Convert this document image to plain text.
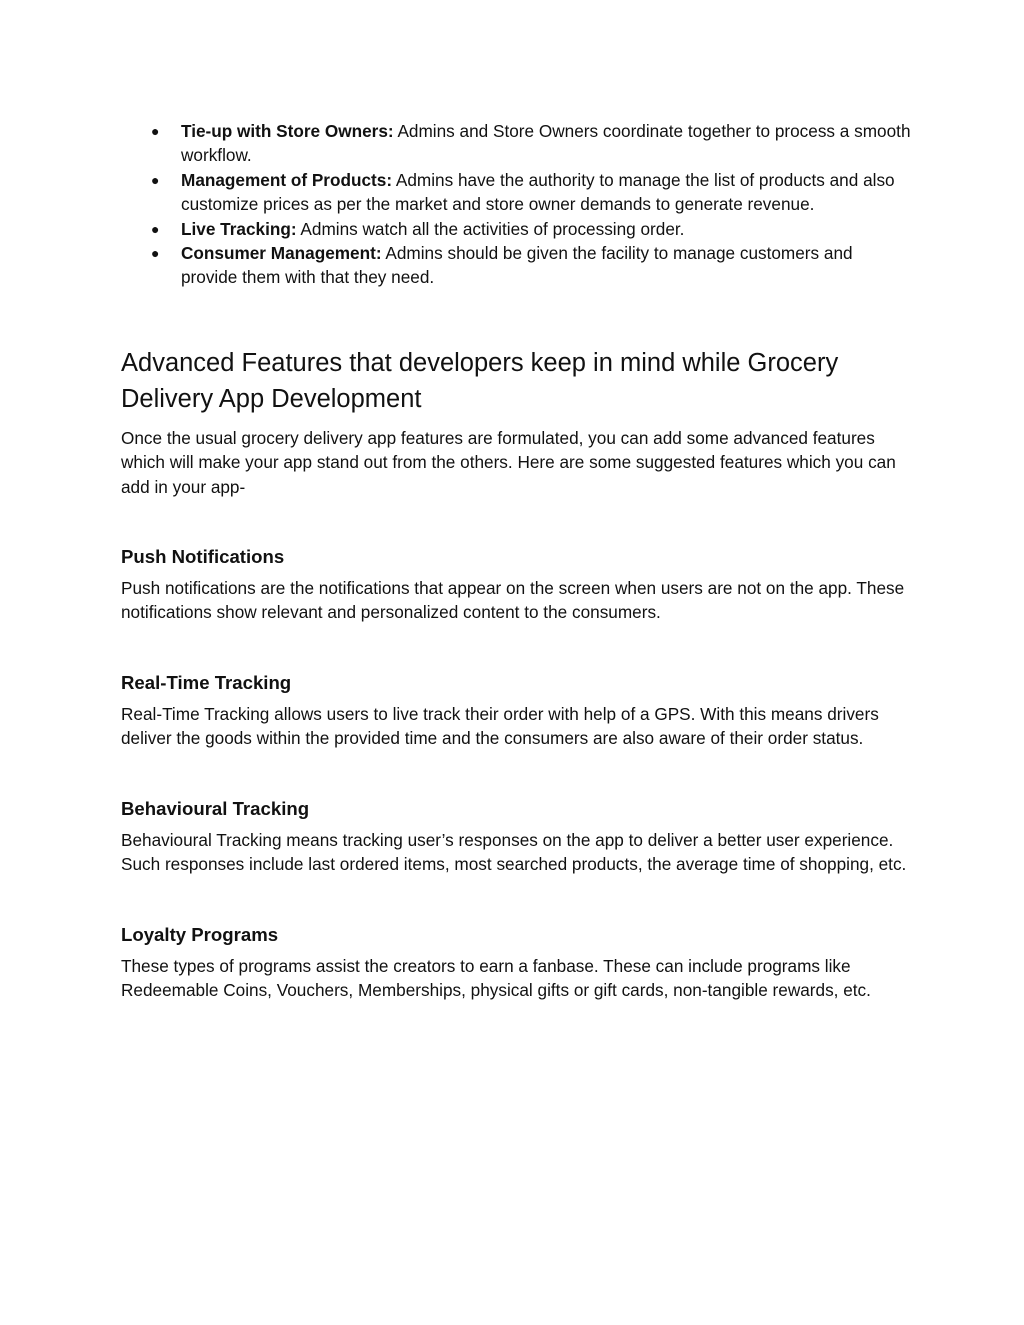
● Tie-up with Store Owners: Admins and Store Owners coordinate together to process a smooth workflow.
● Management of Products: Admins have the authority to manage the list of products and also customize prices as per the market and store owner demands to generate revenue.
● Live Tracking: Admins watch all the activities of processing order.
● Consumer Management: Admins should be given the facility to manage customers and provide them with that they need.
Advanced Features that developers keep in mind while Grocery Delivery App Development

Once the usual grocery delivery app features are formulated, you can add some advanced features which will make your app stand out from the others. Here are some suggested features which you can add in your app-

Push Notifications

Push notifications are the notifications that appear on the screen when users are not on the app. These notifications show relevant and personalized content to the consumers.

Real-Time Tracking

Real-Time Tracking allows users to live track their order with help of a GPS. With this means drivers deliver the goods within the provided time and the consumers are also aware of their order status.

Behavioural Tracking

Behavioural Tracking means tracking user’s responses on the app to deliver a better user experience. Such responses include last ordered items, most searched products, the average time of shopping, etc.

Loyalty Programs

These types of programs assist the creators to earn a fanbase. These can include programs like Redeemable Coins, Vouchers, Memberships, physical gifts or gift cards, non-tangible rewards, etc.
